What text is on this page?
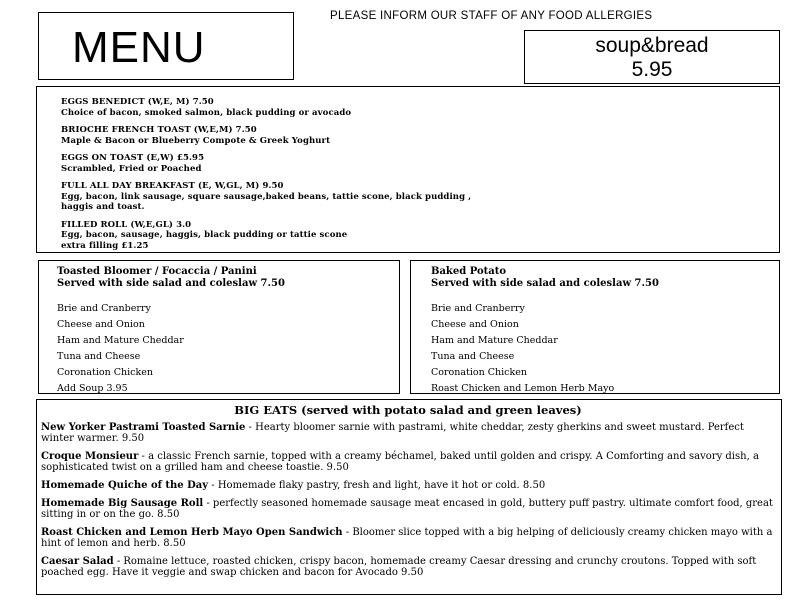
MENU
PLEASE INFORM OUR STAFF OF ANY FOOD ALLERGIES
soup&bread
5.95
EGGS BENEDICT (W,E, M) 7.50
Choice of bacon, smoked salmon, black pudding or avocado
BRIOCHE FRENCH TOAST (W,E,M) 7.50
Maple & Bacon or Blueberry Compote & Greek Yoghurt
EGGS ON TOAST (E,W) £5.95
Scrambled, Fried or Poached
FULL ALL DAY BREAKFAST (E, W,GL, M) 9.50
Egg, bacon, link sausage, square sausage,baked beans, tattie scone, black pudding ,
haggis and toast.
FILLED ROLL (W,E,GL) 3.0
Egg, bacon, sausage, haggis, black pudding or tattie scone
extra filling £1.25
Toasted Bloomer / Focaccia / Panini
Served with side salad and coleslaw 7.50
Brie and Cranberry
Cheese and Onion
Ham and Mature Cheddar
Tuna and Cheese
Coronation Chicken
Add Soup 3.95
Baked Potato
Served with side salad and coleslaw 7.50
Brie and Cranberry
Cheese and Onion
Ham and Mature Cheddar
Tuna and Cheese
Coronation Chicken
Roast Chicken and Lemon Herb Mayo
BIG EATS (served with potato salad and green leaves)
New Yorker Pastrami Toasted Sarnie - Hearty bloomer sarnie with pastrami, white cheddar, zesty gherkins and sweet mustard. Perfect winter warmer. 9.50
Croque Monsieur - a classic French sarnie, topped with a creamy béchamel, baked until golden and crispy. A Comforting and savory dish, a sophisticated twist on a grilled ham and cheese toastie. 9.50
Homemade Quiche of the Day - Homemade flaky pastry, fresh and light, have it hot or cold. 8.50
Homemade Big Sausage Roll - perfectly seasoned homemade sausage meat encased in gold, buttery puff pastry. ultimate comfort food, great sitting in or on the go. 8.50
Roast Chicken and Lemon Herb Mayo Open Sandwich - Bloomer slice topped with a big helping of deliciously creamy chicken mayo with a hint of lemon and herb. 8.50
Caesar Salad - Romaine lettuce, roasted chicken, crispy bacon, homemade creamy Caesar dressing and crunchy croutons. Topped with soft poached egg. Have it veggie and swap chicken and bacon for Avocado 9.50
